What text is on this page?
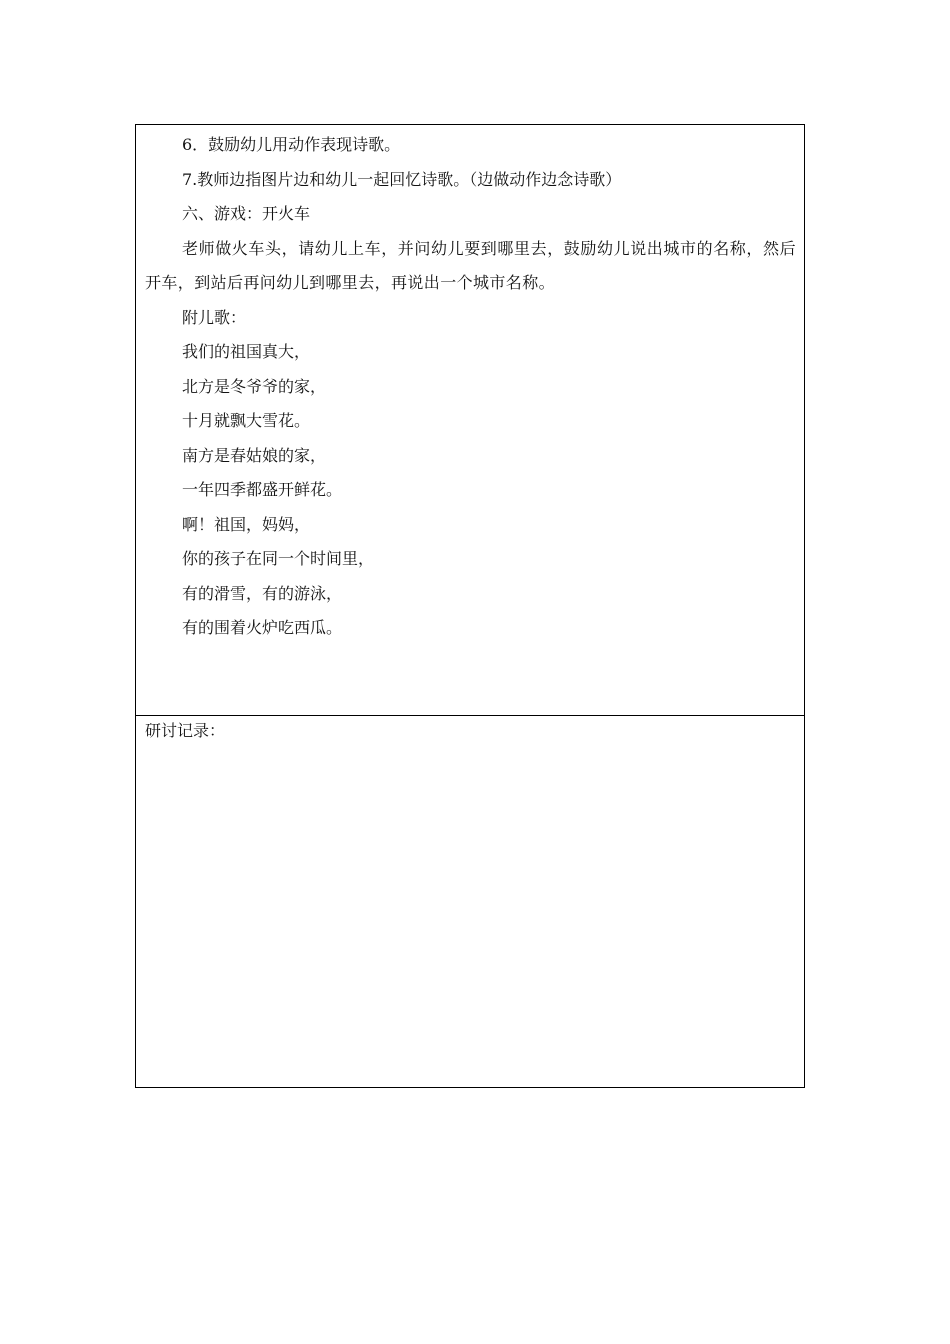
6．鼓励幼儿用动作表现诗歌。
7.教师边指图片边和幼儿一起回忆诗歌。（边做动作边念诗歌）
六、游戏：开火车
老师做火车头，请幼儿上车，并问幼儿要到哪里去，鼓励幼儿说出城市的名称，然后开车，到站后再问幼儿到哪里去，再说出一个城市名称。
附儿歌：
我们的祖国真大，
北方是冬爷爷的家，
十月就飘大雪花。
南方是春姑娘的家，
一年四季都盛开鲜花。
啊！祖国，妈妈，
你的孩子在同一个时间里，
有的滑雪，有的游泳，
有的围着火炉吃西瓜。
研讨记录：
